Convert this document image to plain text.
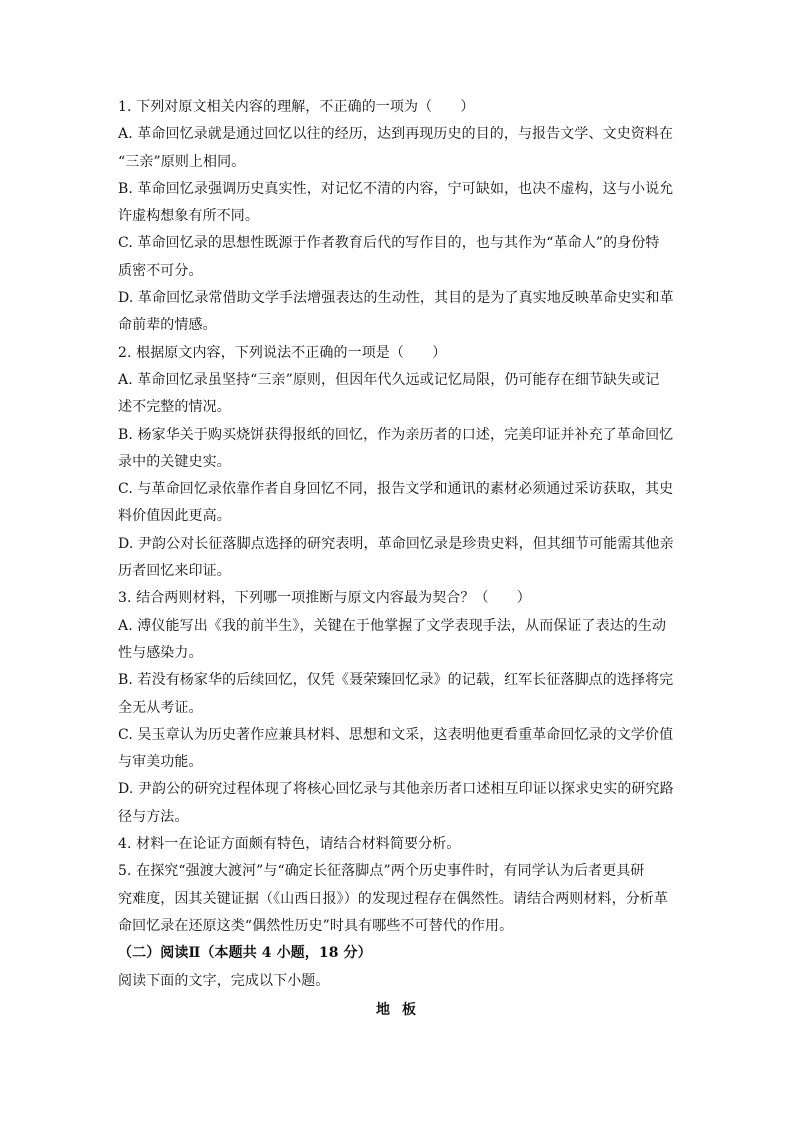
1. 下列对原文相关内容的理解，不正确的一项为（　　）

A. 革命回忆录就是通过回忆以往的经历，达到再现历史的目的，与报告文学、文史资料在

“三亲”原则上相同。

B. 革命回忆录强调历史真实性，对记忆不清的内容，宁可缺如，也决不虚构，这与小说允

许虚构想象有所不同。

C. 革命回忆录的思想性既源于作者教育后代的写作目的，也与其作为“革命人”的身份特

质密不可分。

D. 革命回忆录常借助文学手法增强表达的生动性，其目的是为了真实地反映革命史实和革

命前辈的情感。

2. 根据原文内容，下列说法不正确的一项是（　　）

A. 革命回忆录虽坚持“三亲”原则，但因年代久远或记忆局限，仍可能存在细节缺失或记

述不完整的情况。

B. 杨家华关于购买烧饼获得报纸的回忆，作为亲历者的口述，完美印证并补充了革命回忆

录中的关键史实。

C. 与革命回忆录依靠作者自身回忆不同，报告文学和通讯的素材必须通过采访获取，其史

料价值因此更高。

D. 尹韵公对长征落脚点选择的研究表明，革命回忆录是珍贵史料，但其细节可能需其他亲

历者回忆来印证。

3. 结合两则材料，下列哪一项推断与原文内容最为契合？（　　）

A. 溥仪能写出《我的前半生》，关键在于他掌握了文学表现手法，从而保证了表达的生动

性与感染力。

B. 若没有杨家华的后续回忆，仅凭《聂荣臻回忆录》的记载，红军长征落脚点的选择将完

全无从考证。

C. 吴玉章认为历史著作应兼具材料、思想和文采，这表明他更看重革命回忆录的文学价值

与审美功能。

D. 尹韵公的研究过程体现了将核心回忆录与其他亲历者口述相互印证以探求史实的研究路

径与方法。

4. 材料一在论证方面颇有特色，请结合材料简要分析。

5. 在探究“强渡大渡河”与“确定长征落脚点”两个历史事件时，有同学认为后者更具研

究难度，因其关键证据（《山西日报》）的发现过程存在偶然性。请结合两则材料，分析革

命回忆录在还原这类“偶然性历史”时具有哪些不可替代的作用。

（二）阅读Ⅱ（本题共 4 小题，18 分）

阅读下面的文字，完成以下小题。

地板
